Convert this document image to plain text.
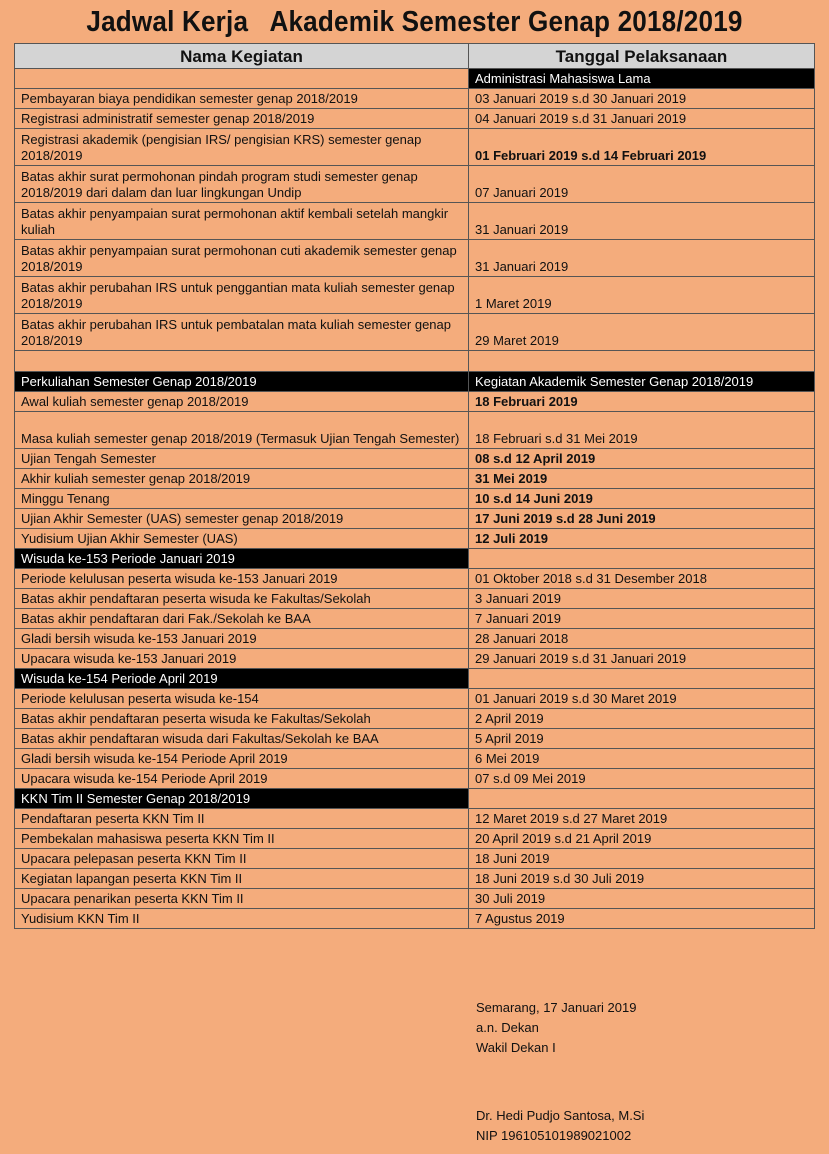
Jadwal Kerja   Akademik Semester Genap 2018/2019
Nama Kegiatan	Tanggal Pelaksanaan

	Administrasi Mahasiswa Lama

Pembayaran biaya pendidikan semester genap 2018/2019	03 Januari 2019 s.d 30 Januari 2019

Registrasi administratif semester genap 2018/2019	04 Januari 2019 s.d 31 Januari 2019

Registrasi akademik (pengisian IRS/ pengisian KRS) semester genap 2018/2019	01 Februari 2019 s.d 14 Februari 2019

Batas akhir surat permohonan pindah program studi semester genap 2018/2019 dari dalam dan luar lingkungan Undip	07 Januari 2019

Batas akhir penyampaian surat permohonan aktif kembali setelah mangkir kuliah	31 Januari 2019

Batas akhir penyampaian surat permohonan cuti akademik semester genap 2018/2019	31 Januari 2019

Batas akhir perubahan IRS untuk penggantian mata kuliah semester genap 2018/2019	1 Maret 2019

Batas akhir perubahan IRS untuk pembatalan mata kuliah semester genap 2018/2019	29 Maret 2019

Perkuliahan Semester Genap 2018/2019	Kegiatan Akademik Semester Genap 2018/2019

Awal kuliah semester genap 2018/2019	18 Februari 2019

Masa kuliah semester genap 2018/2019 (Termasuk Ujian Tengah Semester)	18 Februari s.d 31 Mei 2019

Ujian Tengah Semester	08 s.d 12 April 2019

Akhir kuliah semester genap 2018/2019	31 Mei 2019

Minggu Tenang	10 s.d 14 Juni 2019

Ujian Akhir Semester (UAS) semester genap 2018/2019	17 Juni 2019 s.d 28 Juni 2019

Yudisium Ujian Akhir Semester (UAS)	12 Juli 2019

Wisuda ke-153 Periode Januari 2019	

Periode kelulusan peserta wisuda ke-153 Januari 2019	01 Oktober 2018 s.d 31 Desember 2018

Batas akhir pendaftaran peserta wisuda ke Fakultas/Sekolah	3 Januari 2019

Batas akhir pendaftaran dari Fak./Sekolah ke BAA	7 Januari 2019

Gladi bersih wisuda ke-153 Januari 2019	28 Januari 2018

Upacara wisuda ke-153 Januari 2019	29 Januari 2019 s.d 31 Januari 2019

Wisuda ke-154 Periode April 2019	

Periode kelulusan peserta wisuda ke-154	01 Januari 2019 s.d 30 Maret 2019

Batas akhir pendaftaran peserta wisuda ke Fakultas/Sekolah	2 April 2019

Batas akhir pendaftaran wisuda dari Fakultas/Sekolah ke BAA	5 April 2019

Gladi bersih wisuda ke-154 Periode April 2019	6 Mei 2019

Upacara wisuda ke-154 Periode April 2019	07 s.d 09 Mei 2019

KKN Tim II Semester Genap 2018/2019	

Pendaftaran peserta KKN Tim II	12 Maret 2019 s.d 27 Maret 2019

Pembekalan mahasiswa peserta KKN Tim II	20 April 2019 s.d 21 April 2019

Upacara pelepasan peserta KKN Tim II	18 Juni 2019

Kegiatan lapangan peserta KKN Tim II	18 Juni 2019 s.d 30 Juli 2019

Upacara penarikan peserta KKN Tim II	30 Juli 2019

Yudisium KKN Tim II	7 Agustus 2019
Semarang, 17 Januari 2019
a.n. Dekan
Wakil Dekan I
Dr. Hedi Pudjo Santosa, M.Si
NIP 196105101989021002
